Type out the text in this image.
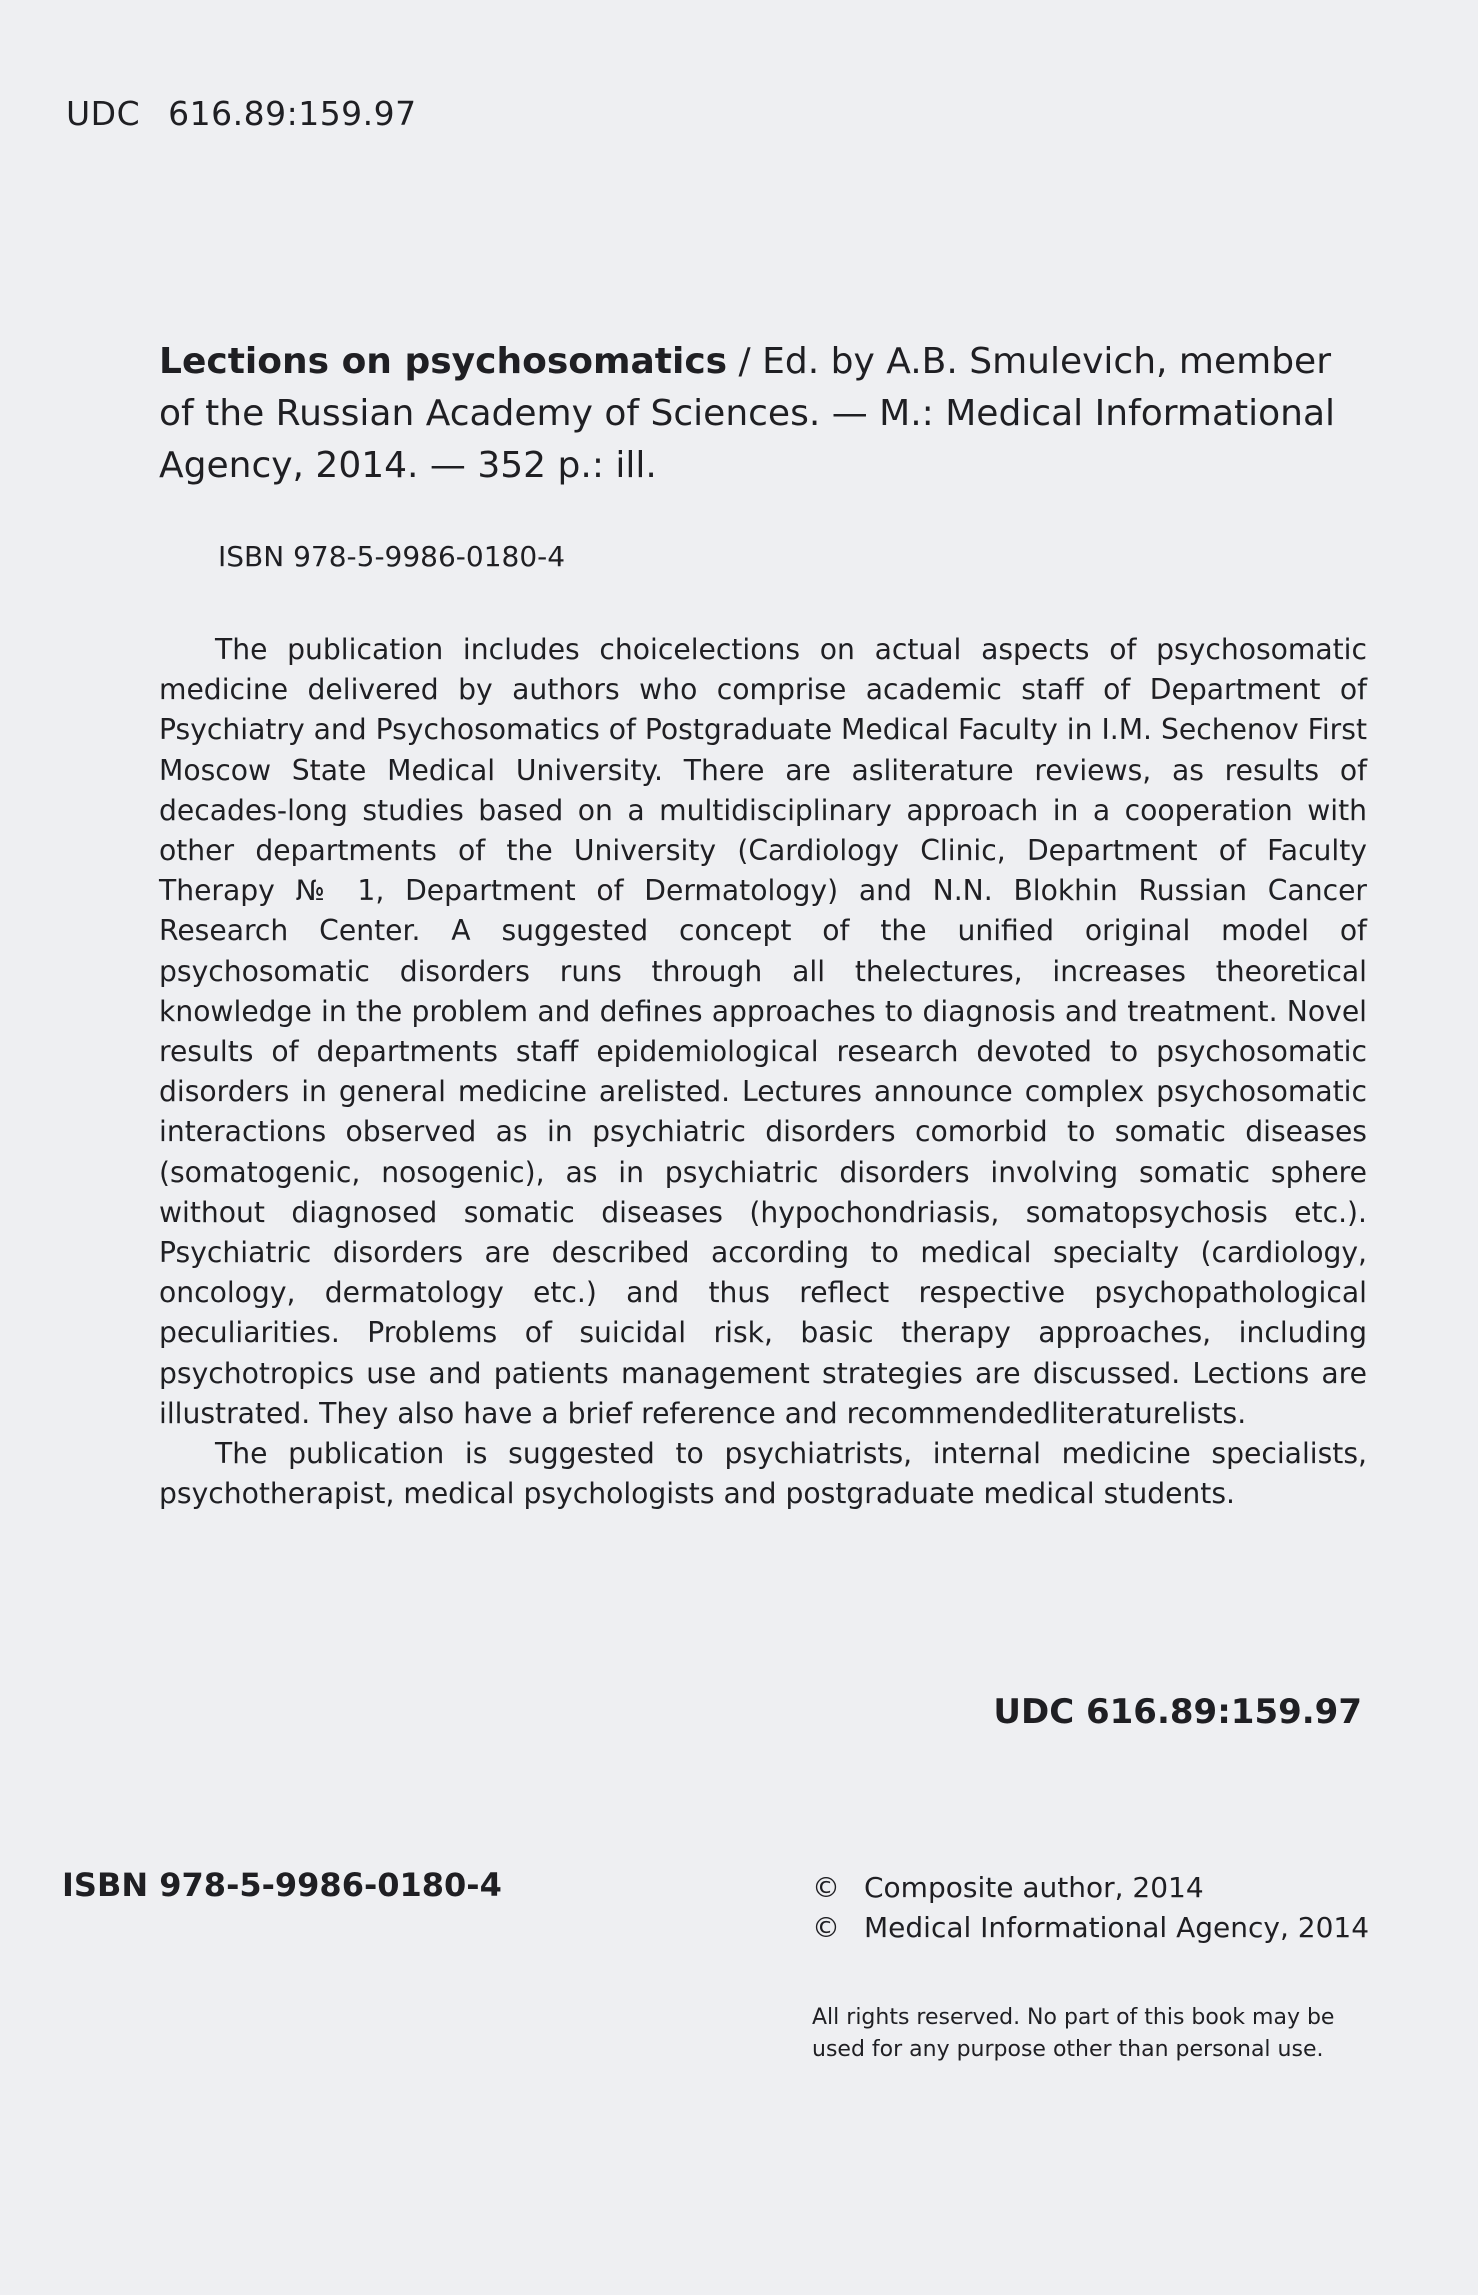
UDC 616.89:159.97
Lections on psychosomatics / Ed. by A.B. Smulevich, member of the Russian Academy of Sciences. — M.: Medical Informational Agency, 2014. — 352 p.: ill.
ISBN 978-5-9986-0180-4

The publication includes choicelections on actual aspects of psychosomatic medicine delivered by authors who comprise academic staff of Department of Psychiatry and Psychosomatics of Postgraduate Medical Faculty in I.M. Sechenov First Moscow State Medical University. There are asliterature reviews, as results of decades-long studies based on a multidisciplinary approach in a cooperation with other departments of the University (Cardiology Clinic, Department of Faculty Therapy № 1, Department of Dermatology) and N.N. Blokhin Russian Cancer Research Center. A suggested concept of the unified original model of psychosomatic disorders runs through all thelectures, increases theoretical knowledge in the problem and defines approaches to diagnosis and treatment. Novel results of departments staff epidemiological research devoted to psychosomatic disorders in general medicine arelisted. Lectures announce complex psychosomatic interactions observed as in psychiatric disorders comorbid to somatic diseases (somatogenic, nosogenic), as in psychiatric disorders involving somatic sphere without diagnosed somatic diseases (hypochondriasis, somatopsychosis etc.). Psychiatric disorders are described according to medical specialty (cardiology, oncology, dermatology etc.) and thus reflect respective psychopathological peculiarities. Problems of suicidal risk, basic therapy approaches, including psychotropics use and patients management strategies are discussed. Lections are illustrated. They also have a brief reference and recommendedliteraturelists.

The publication is suggested to psychiatrists, internal medicine specialists, psychotherapist, medical psychologists and postgraduate medical students.

UDC 616.89:159.97
ISBN 978-5-9986-0180-4	© Composite author, 2014
© Medical Informational Agency, 2014
All rights reserved. No part of this book may be used for any purpose other than personal use.
